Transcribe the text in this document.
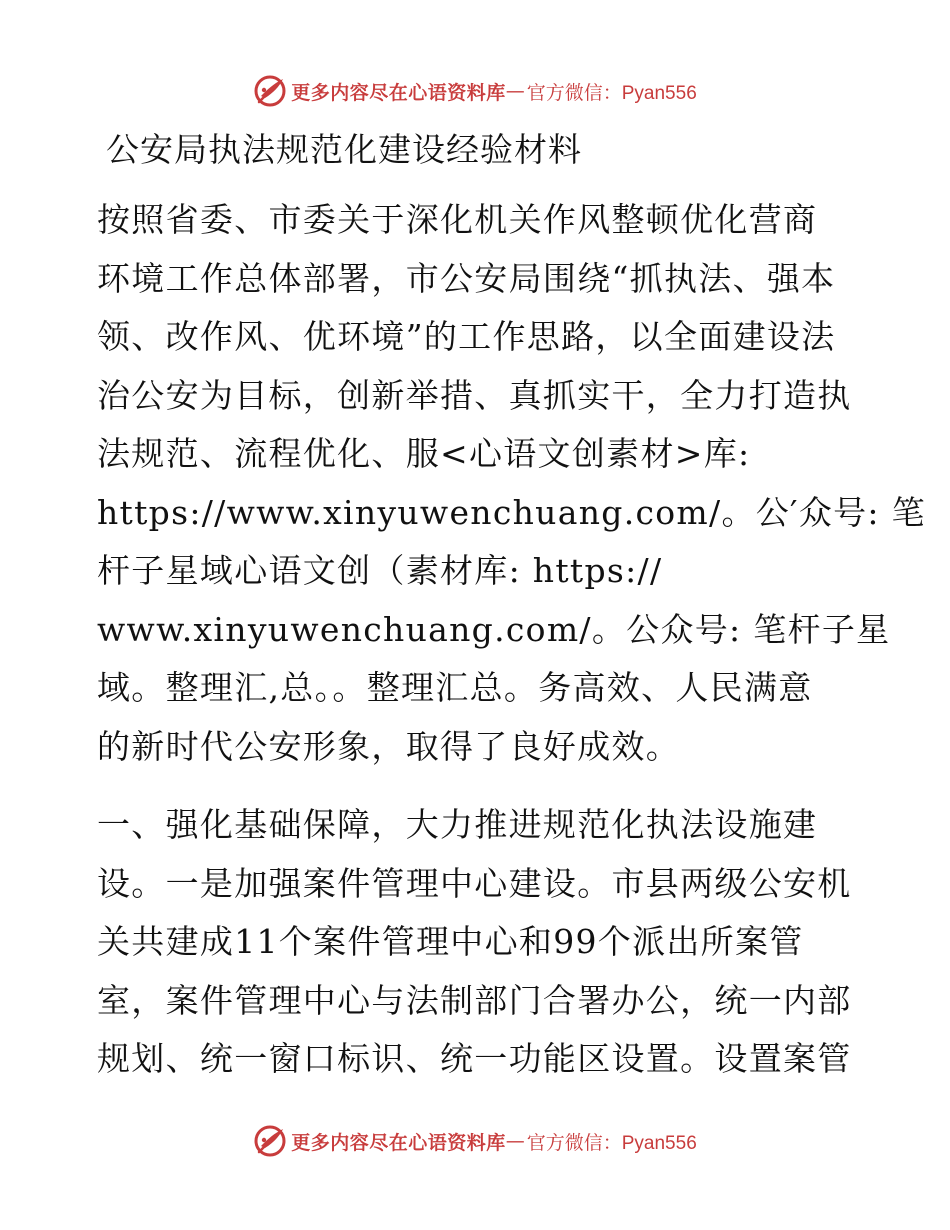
更多内容尽在心语资料库 — 官方微信：Pyan556
公安局执法规范化建设经验材料
按照省委、市委关于深化机关作风整顿优化营商
环境工作总体部署，市公安局围绕“抓执法、强本
领、改作风、优环境”的工作思路，以全面建设法
治公安为目标，创新举措、真抓实干，全力打造执
法规范、流程优化、服<心语文创素材>库:
https://www.xinyuwenchuang.com/。公′众号: 笔
杆子星域心语文创（素材库: https://
www.xinyuwenchuang.com/。公众号: 笔杆子星
域。整理汇,总。。整理汇总。务高效、人民满意
的新时代公安形象，取得了良好成效。
一、强化基础保障，大力推进规范化执法设施建
设。一是加强案件管理中心建设。市县两级公安机
关共建成11个案件管理中心和99个派出所案管
室，案件管理中心与法制部门合署办公，统一内部
规划、统一窗口标识、统一功能区设置。设置案管
更多内容尽在心语资料库 — 官方微信：Pyan556
